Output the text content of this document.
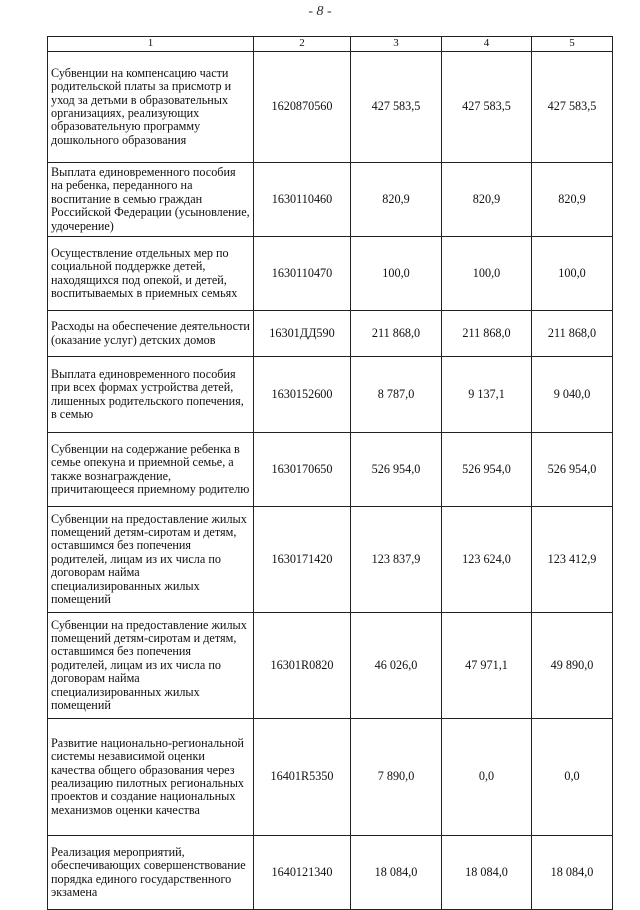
- 8 -
1	2	3	4	5
Субвенции на компенсацию части родительской платы за присмотр и уход за детьми в образовательных организациях, реализующих образовательную программу дошкольного образования	1620870560	427 583,5	427 583,5	427 583,5
Выплата единовременного пособия на ребенка, переданного на воспитание в семью граждан Российской Федерации (усыновление, удочерение)	1630110460	820,9	820,9	820,9
Осуществление отдельных мер по социальной поддержке детей, находящихся под опекой, и детей, воспитываемых в приемных семьях	1630110470	100,0	100,0	100,0
Расходы на обеспечение деятельности (оказание услуг) детских домов	16301ДД590	211 868,0	211 868,0	211 868,0
Выплата единовременного пособия при всех формах устройства детей, лишенных родительского попечения, в семью	1630152600	8 787,0	9 137,1	9 040,0
Субвенции на содержание ребенка в семье опекуна и приемной семье, а также вознаграждение, причитающееся приемному родителю	1630170650	526 954,0	526 954,0	526 954,0
Субвенции на предоставление жилых помещений детям-сиротам и детям, оставшимся без попечения родителей, лицам из их числа по договорам найма специализированных жилых помещений	1630171420	123 837,9	123 624,0	123 412,9
Субвенции на предоставление жилых помещений детям-сиротам и детям, оставшимся без попечения родителей, лицам из их числа по договорам найма специализированных жилых помещений	16301R0820	46 026,0	47 971,1	49 890,0
Развитие национально-региональной системы независимой оценки качества общего образования через реализацию пилотных региональных проектов и создание национальных механизмов оценки качества	16401R5350	7 890,0	0,0	0,0
Реализация мероприятий, обеспечивающих совершенствование порядка единого государственного экзамена	1640121340	18 084,0	18 084,0	18 084,0
